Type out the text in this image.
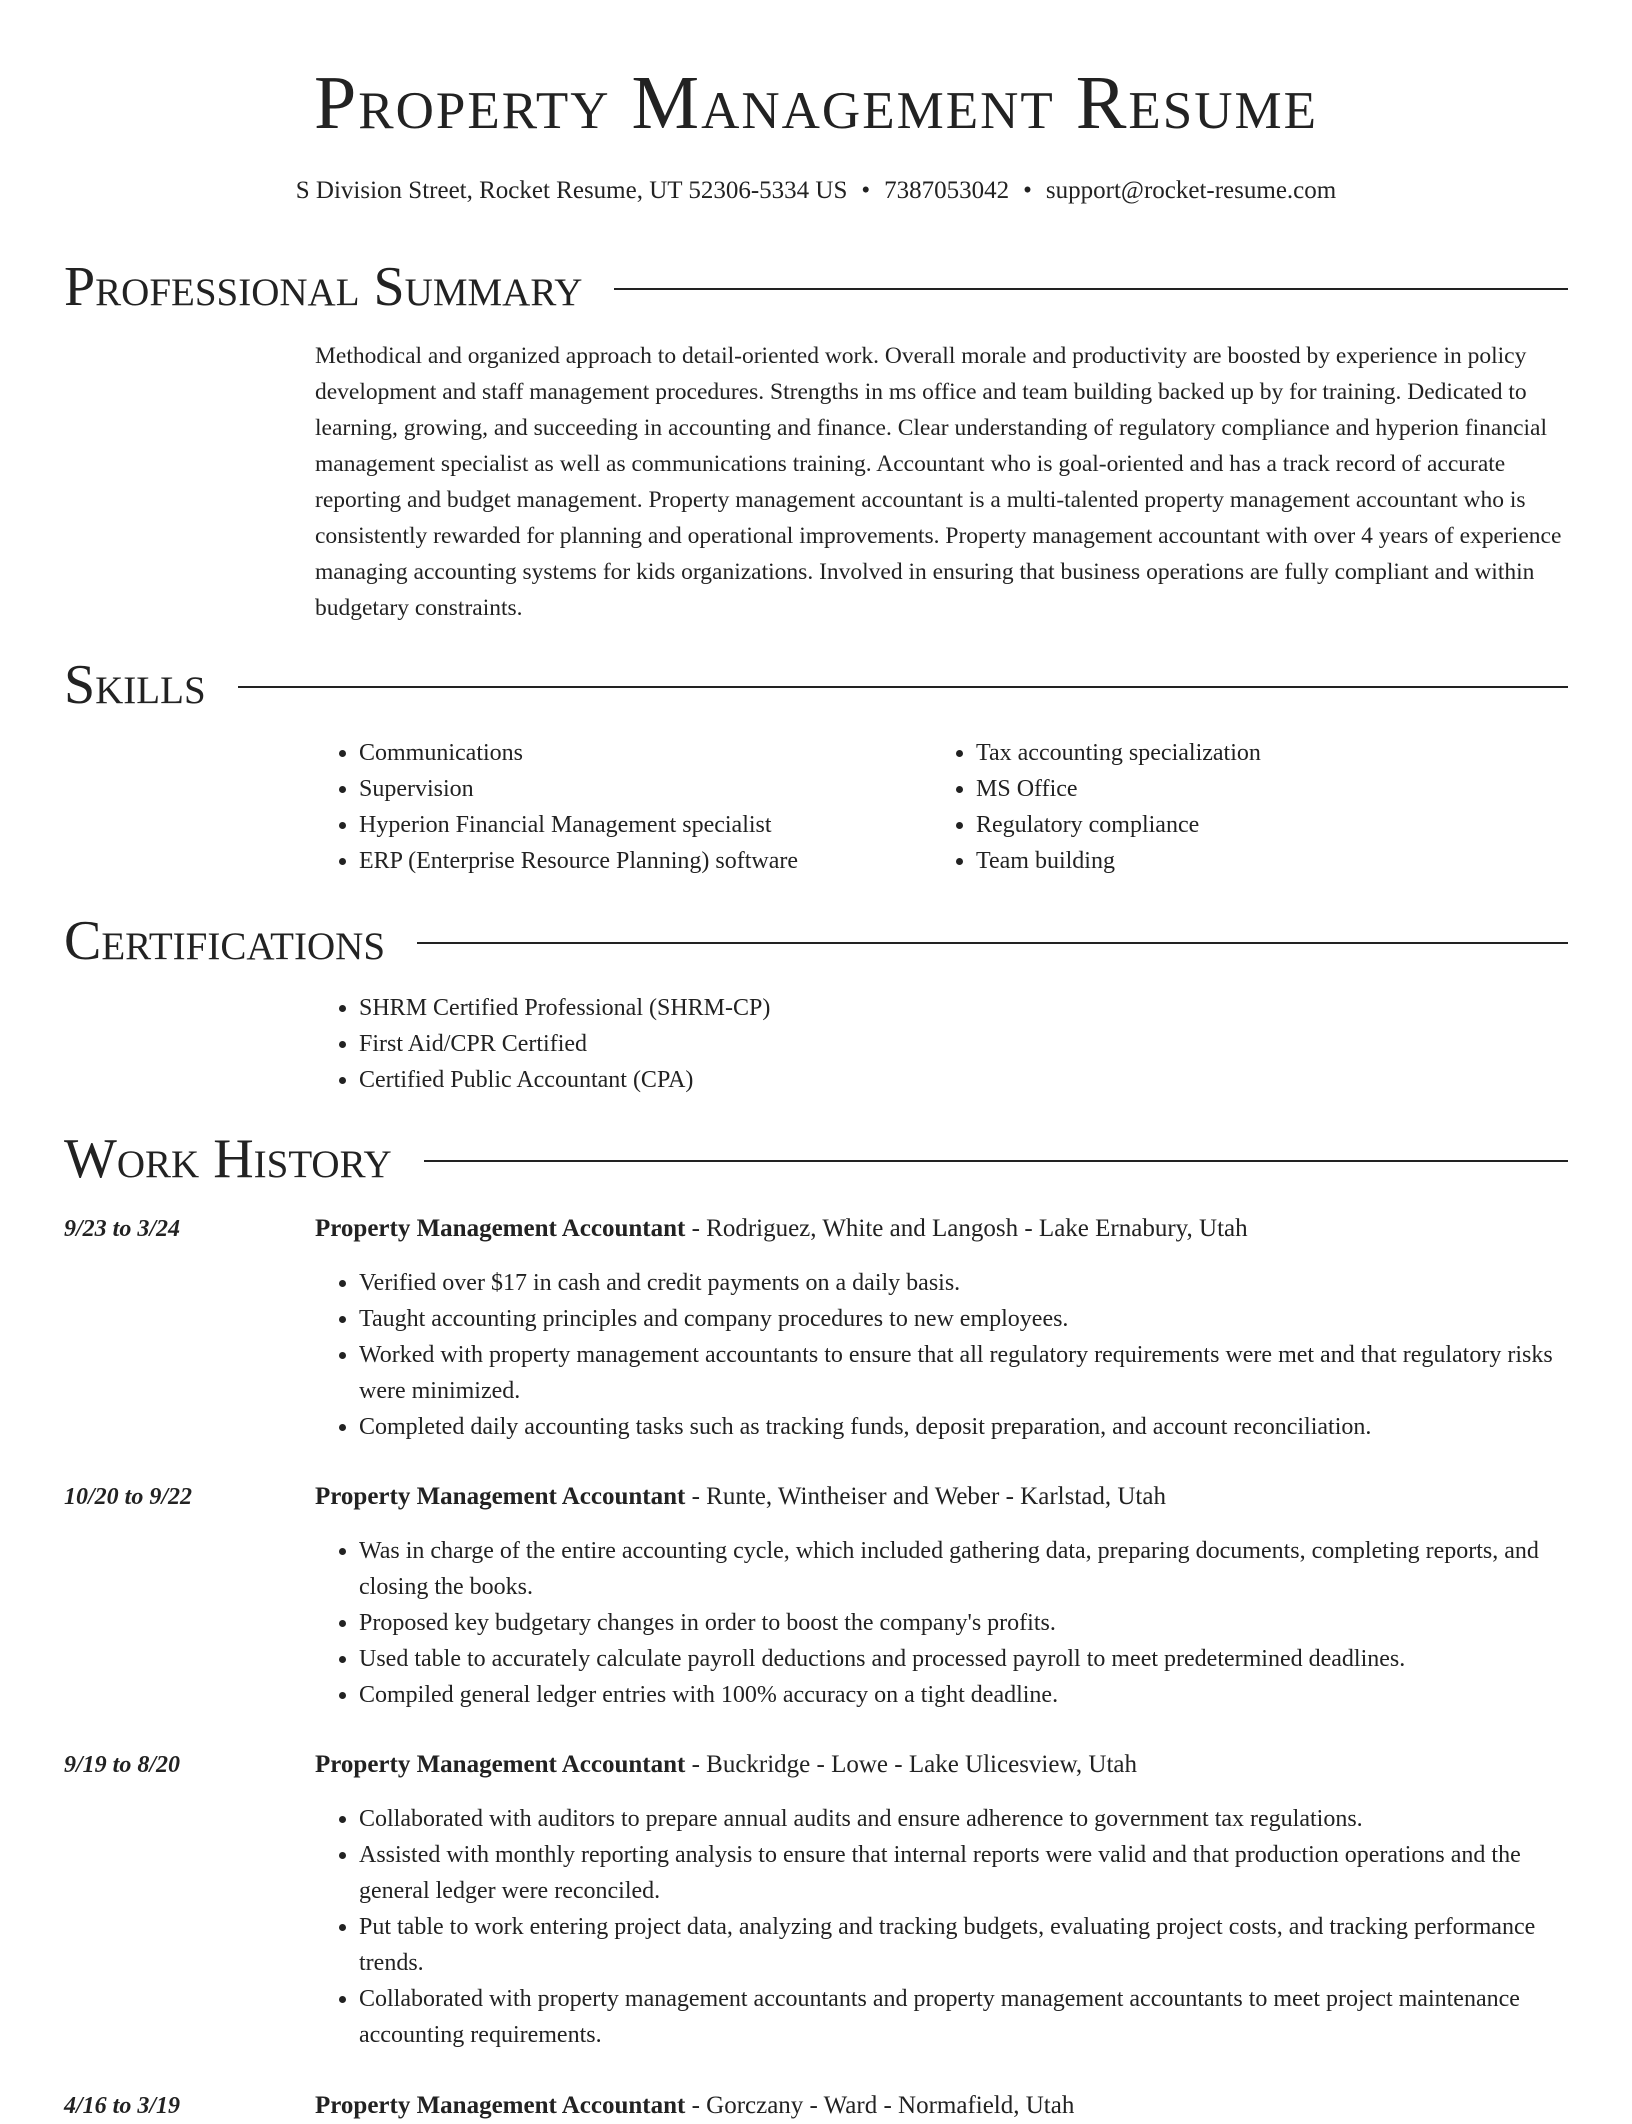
Property Management Resume
S Division Street, Rocket Resume, UT 52306-5334 US • 7387053042 • support@rocket-resume.com
Professional Summary

Methodical and organized approach to detail-oriented work. Overall morale and productivity are boosted by experience in policy development and staff management procedures. Strengths in ms office and team building backed up by for training. Dedicated to learning, growing, and succeeding in accounting and finance. Clear understanding of regulatory compliance and hyperion financial management specialist as well as communications training. Accountant who is goal-oriented and has a track record of accurate reporting and budget management. Property management accountant is a multi-talented property management accountant who is consistently rewarded for planning and operational improvements. Property management accountant with over 4 years of experience managing accounting systems for kids organizations. Involved in ensuring that business operations are fully compliant and within budgetary constraints.

Skills
• Communications
• Supervision
• Hyperion Financial Management specialist
• ERP (Enterprise Resource Planning) software
• Tax accounting specialization
• MS Office
• Regulatory compliance
• Team building
Certifications
• SHRM Certified Professional (SHRM-CP)
• First Aid/CPR Certified
• Certified Public Accountant (CPA)
Work History
9/23 to 3/24	Property Management Accountant - Rodriguez, White and Langosh - Lake Ernabury, Utah
• Verified over $17 in cash and credit payments on a daily basis.
• Taught accounting principles and company procedures to new employees.
• Worked with property management accountants to ensure that all regulatory requirements were met and that regulatory risks were minimized.
• Completed daily accounting tasks such as tracking funds, deposit preparation, and account reconciliation.
10/20 to 9/22	Property Management Accountant - Runte, Wintheiser and Weber - Karlstad, Utah
• Was in charge of the entire accounting cycle, which included gathering data, preparing documents, completing reports, and closing the books.
• Proposed key budgetary changes in order to boost the company's profits.
• Used table to accurately calculate payroll deductions and processed payroll to meet predetermined deadlines.
• Compiled general ledger entries with 100% accuracy on a tight deadline.
9/19 to 8/20	Property Management Accountant - Buckridge - Lowe - Lake Ulicesview, Utah
• Collaborated with auditors to prepare annual audits and ensure adherence to government tax regulations.
• Assisted with monthly reporting analysis to ensure that internal reports were valid and that production operations and the general ledger were reconciled.
• Put table to work entering project data, analyzing and tracking budgets, evaluating project costs, and tracking performance trends.
• Collaborated with property management accountants and property management accountants to meet project maintenance accounting requirements.
4/16 to 3/19	Property Management Accountant - Gorczany - Ward - Normafield, Utah
